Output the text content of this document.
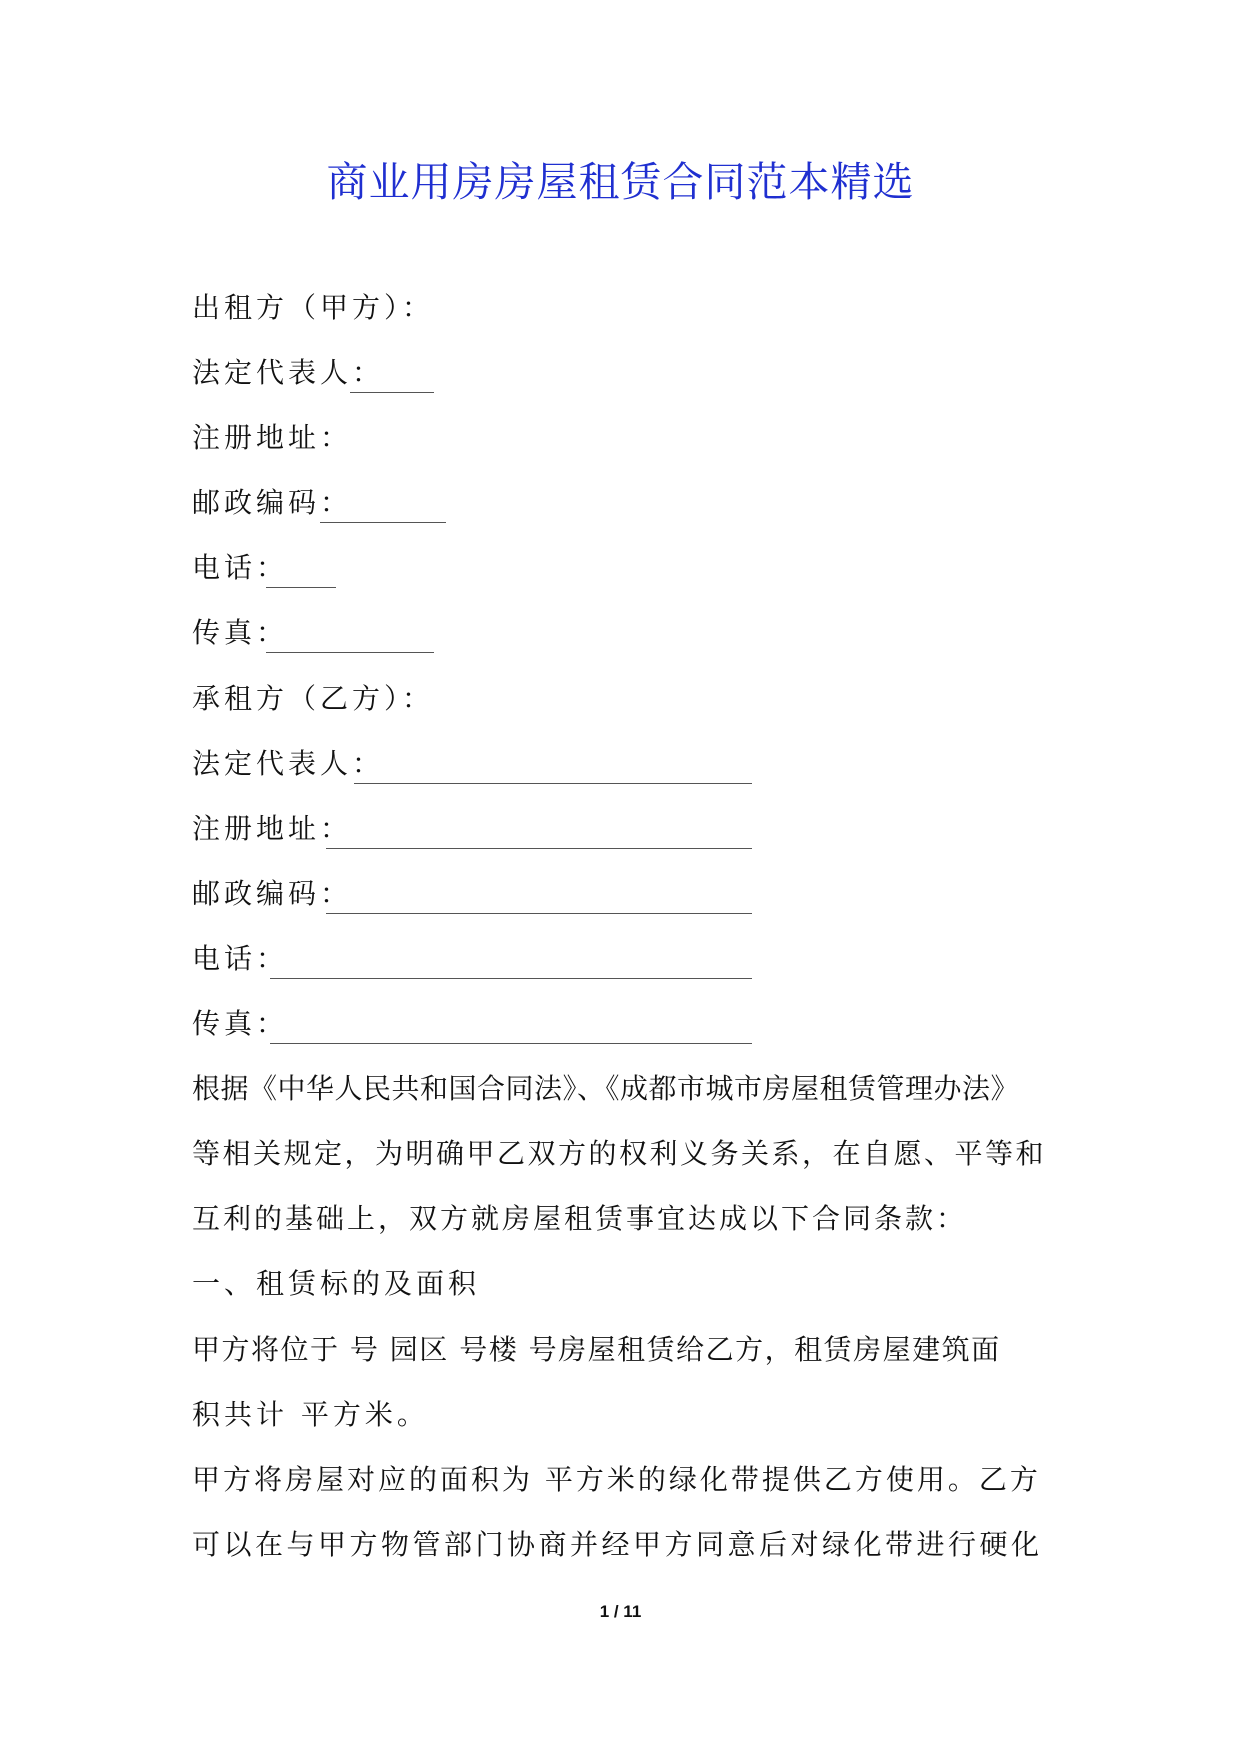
商业用房房屋租赁合同范本精选
出租方（甲方）：
法定代表人：
注册地址：
邮政编码：
电话：
传真：
承租方（乙方）：
法定代表人：
注册地址：
邮政编码：
电话：
传真：
根据《中华人民共和国合同法》、《成都市城市房屋租赁管理办法》
等相关规定，为明确甲乙双方的权利义务关系，在自愿、平等和
互利的基础上，双方就房屋租赁事宜达成以下合同条款：
一、租赁标的及面积
甲方将位于 号 园区 号楼 号房屋租赁给乙方，租赁房屋建筑面
积共计 平方米。
甲方将房屋对应的面积为 平方米的绿化带提供乙方使用。乙方
可以在与甲方物管部门协商并经甲方同意后对绿化带进行硬化
1 / 11
